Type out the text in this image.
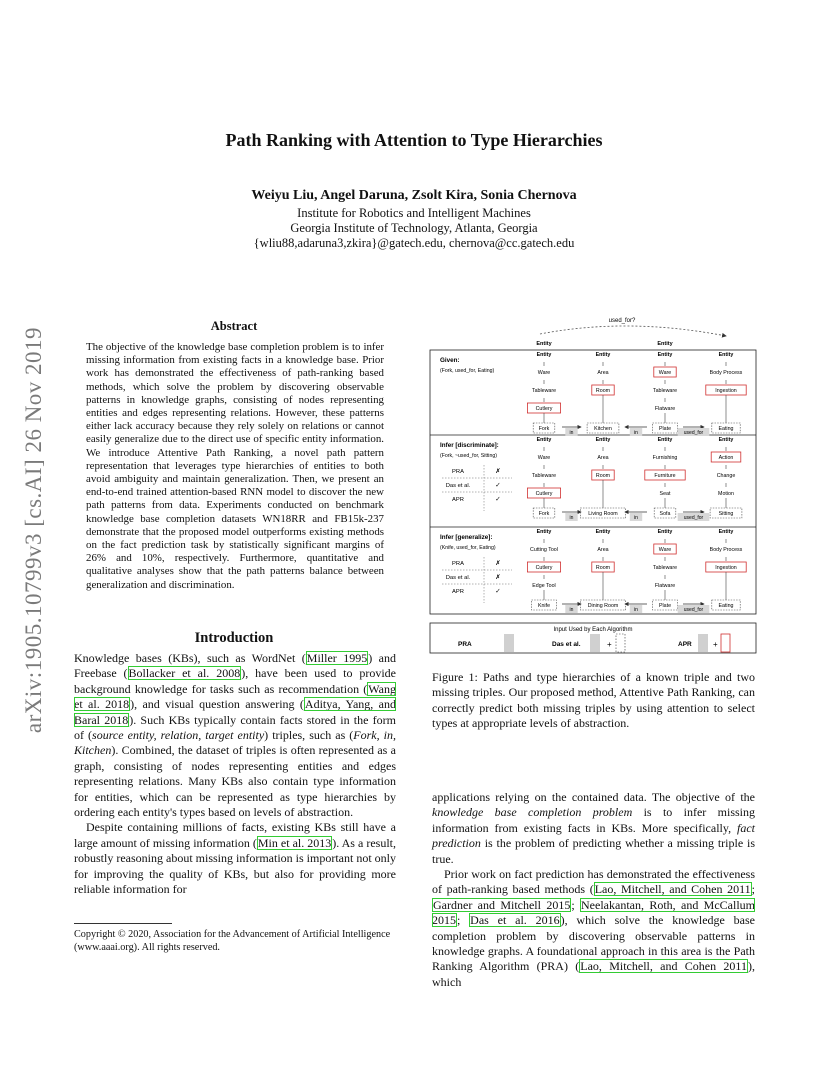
arXiv:1905.10799v3 [cs.AI] 26 Nov 2019
Path Ranking with Attention to Type Hierarchies
Weiyu Liu, Angel Daruna, Zsolt Kira, Sonia Chernova
Institute for Robotics and Intelligent Machines
Georgia Institute of Technology, Atlanta, Georgia
{wliu88,adaruna3,zkira}@gatech.edu, chernova@cc.gatech.edu
Abstract
The objective of the knowledge base completion problem is to infer missing information from existing facts in a knowledge base. Prior work has demonstrated the effectiveness of path-ranking based methods, which solve the problem by discovering observable patterns in knowledge graphs, consisting of nodes representing entities and edges representing relations. However, these patterns either lack accuracy because they rely solely on relations or cannot easily generalize due to the direct use of specific entity information. We introduce Attentive Path Ranking, a novel path pattern representation that leverages type hierarchies of entities to both avoid ambiguity and maintain generalization. Then, we present an end-to-end trained attention-based RNN model to discover the new path patterns from data. Experiments conducted on benchmark knowledge base completion datasets WN18RR and FB15k-237 demonstrate that the proposed model outperforms existing methods on the fact prediction task by statistically significant margins of 26% and 10%, respectively. Furthermore, quantitative and qualitative analyses show that the path patterns balance between generalization and discrimination.
Introduction

Knowledge bases (KBs), such as WordNet (Miller 1995) and Freebase (Bollacker et al. 2008), have been used to provide background knowledge for tasks such as recommendation (Wang et al. 2018), and visual question answering (Aditya, Yang, and Baral 2018). Such KBs typically contain facts stored in the form of (source entity, relation, target entity) triples, such as (Fork, in, Kitchen). Combined, the dataset of triples is often represented as a graph, consisting of nodes representing entities and edges representing relations. Many KBs also contain type information for entities, which can be represented as type hierarchies by ordering each entity's types based on levels of abstraction.

Despite containing millions of facts, existing KBs still have a large amount of missing information (Min et al. 2013). As a result, robustly reasoning about missing information is important not only for improving the quality of KBs, but also for providing more reliable information for

Copyright © 2020, Association for the Advancement of Artificial Intelligence (www.aaai.org). All rights reserved.
used_for?
Entity	Entity
Given:
(Fork, used_for, Eating)
Entity
Ware
Tableware
Cutlery
Fork
Entity
Area
Room
Kitchen
Entity
Ware
Tableware
Flatware
Plate
Entity
Body Process
Ingestion
Eating
in	in	used_for
Infer [discriminate]:
(Fork, ~used_for, Sitting)
PRA	✗
Das et al.	✓
APR	✓
Entity
Ware
Tableware
Cutlery
Fork
Entity
Area
Room
Living Room
Entity
Furnishing
Furniture
Seat
Sofa
Entity
Action
Change
Motion
Sitting
in	in	used_for
Infer [generalize]:
(Knife, used_for, Eating)
PRA	✗
Das et al.	✗
APR	✓
Entity
Cutting Tool
Cutlery
Edge Tool
Knife
Entity
Area
Room
Dining Room
Entity
Ware
Tableware
Flatware
Plate
Entity
Body Process
Ingestion
Eating
in	in	used_for
Input Used by Each Algorithm
PRA	Das et al.	+	APR	+
Figure 1: Paths and type hierarchies of a known triple and two missing triples. Our proposed method, Attentive Path Ranking, can correctly predict both missing triples by using attention to select types at appropriate levels of abstraction.

applications relying on the contained data. The objective of the knowledge base completion problem is to infer missing information from existing facts in KBs. More specifically, fact prediction is the problem of predicting whether a missing triple is true.

Prior work on fact prediction has demonstrated the effectiveness of path-ranking based methods (Lao, Mitchell, and Cohen 2011; Gardner and Mitchell 2015; Neelakantan, Roth, and McCallum 2015; Das et al. 2016), which solve the knowledge base completion problem by discovering observable patterns in knowledge graphs. A foundational approach in this area is the Path Ranking Algorithm (PRA) (Lao, Mitchell, and Cohen 2011), which
